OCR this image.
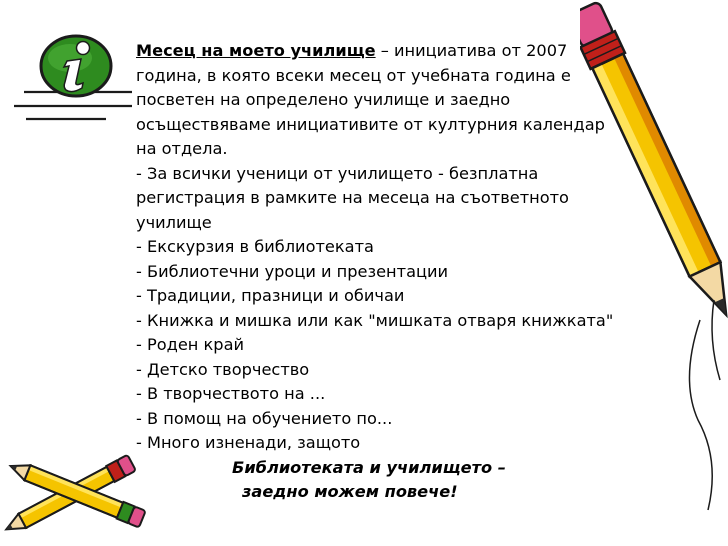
Месец на моето училище – инициатива от 2007

година, в която всеки месец от учебната година е

посветен на определено училище и заедно

осъществяваме инициативите от културния календар

на отдела.

- За всички ученици от училището - безплатна

регистрация в рамките на месеца на съответното

училище

- Екскурзия в библиотеката

- Библиотечни уроци и презентации

- Традиции, празници и обичаи

- Книжка и мишка или как "мишката отваря книжката"

- Роден край

- Детско творчество

- В творчеството на ...

- В помощ на обучението по...

- Много изненади, защото

Библиотеката и училището –

заедно можем повече!
